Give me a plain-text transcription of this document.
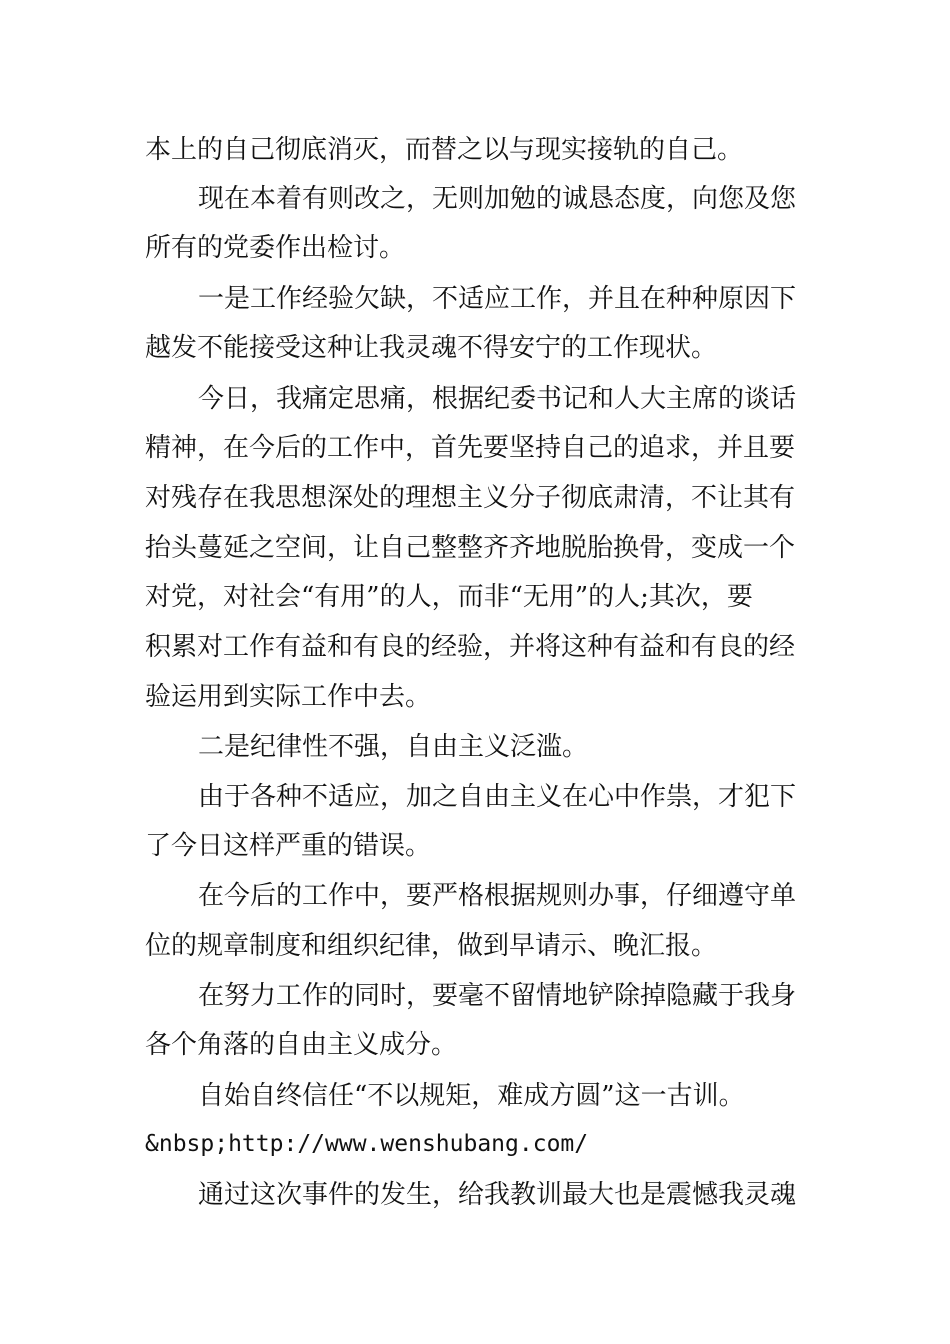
本上的自己彻底消灭，而替之以与现实接轨的自己。
现在本着有则改之，无则加勉的诚恳态度，向您及您
所有的党委作出检讨。
一是工作经验欠缺，不适应工作，并且在种种原因下
越发不能接受这种让我灵魂不得安宁的工作现状。
今日，我痛定思痛，根据纪委书记和人大主席的谈话
精神，在今后的工作中，首先要坚持自己的追求，并且要
对残存在我思想深处的理想主义分子彻底肃清，不让其有
抬头蔓延之空间，让自己整整齐齐地脱胎换骨，变成一个
对党，对社会“有用”的人，而非“无用”的人;其次，要
积累对工作有益和有良的经验，并将这种有益和有良的经
验运用到实际工作中去。
二是纪律性不强，自由主义泛滥。
由于各种不适应，加之自由主义在心中作祟，才犯下
了今日这样严重的错误。
在今后的工作中，要严格根据规则办事，仔细遵守单
位的规章制度和组织纪律，做到早请示、晚汇报。
在努力工作的同时，要毫不留情地铲除掉隐藏于我身
各个角落的自由主义成分。
自始自终信任“不以规矩，难成方圆”这一古训。
&nbsp;http://www.wenshubang.com/
通过这次事件的发生，给我教训最大也是震憾我灵魂
